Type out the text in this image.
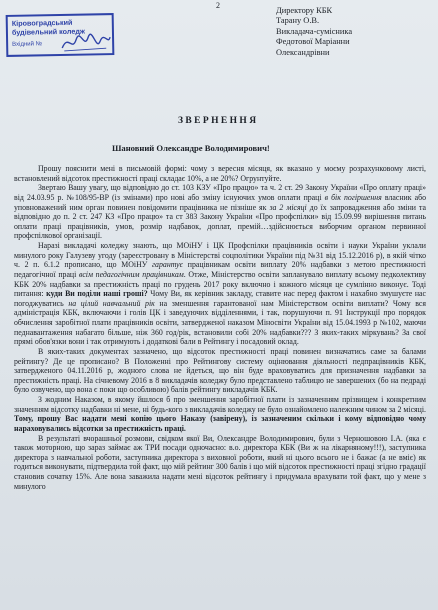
2
Кіровоградський
будівельний коледж
Вхідний №
Директору КБК
Тарану О.В.
Викладача-сумісника
Федотової Маріанни
Олександрівни
ЗВЕРНЕННЯ
Шановний Олександре Володимирович!

Прошу пояснити мені в письмовій формі: чому з вересня місяця, як вказано у моєму розрахунковому листі, встановлений відсоток престижності праці складає 10%, а не 20%? Огрунтуйте.

Звертаю Вашу увагу, що відповідно до ст. 103 КЗУ «Про працю» та ч. 2 ст. 29 Закону України «Про оплату праці» від 24.03.95 р. №108/95-ВР (із змінами) про нові або зміну існуючих умов оплати праці в бік погіршення власник або уповноважений ним орган повинен повідомити працівника не пізніше як за 2 місяці до їх запровадження або зміни та відповідно до п. 2 ст. 247 КЗ «Про працю» та ст 383 Закону України «Про профспілки» від 15.09.99 вирішення питань оплати праці працівників, умов, розмір надбавок, доплат, премій…здійснюється виборчим органом первинної профспілкової організації.

Наразі викладачі коледжу знають, що МОіНУ і ЦК Профспілки працівників освіти і науки України уклали минулого року Галузеву угоду (зареєстровану в Міністерстві соцполітики України під №31 від 15.12.2016 р), в якій чітко ч. 2 п. 6.1.2 прописано, що МОіНУ гарантує працівникам освіти виплату 20% надбавки з метою престижності педагогічної праці всім педагогічним працівникам. Отже, Міністерство освіти запланувало виплату всьому педколективу КБК 20% надбавки за престижність праці по грудень 2017 року включно і кожного місяця це сумлінно виконує. Тоді питання: куди Ви поділи наші гроші? Чому Ви, як керівник закладу, ставите нас перед фактом і нахабно змушуєте нас погоджуватись на цілий навчальний рік на зменшення гарантованої нам Міністерством освіти виплати? Чому вся адміністрація КБК, включаючи і голів ЦК і заведуючих відділеннями, і так, порушуючи п. 91 Інструкції про порядок обчислення заробітної плати працівників освіти, затвердженої наказом Міносвіти України від 15.04.1993 р №102, маючи педнавантаження набагато більше, ніж 360 год/рік, встановили собі 20% надбавки??? З яких-таких міркувань? За свої прямі обов'язки вони і так отримують і додаткові бали в Рейтингу і посадовий оклад.

В яких-таких документах зазначено, що відсоток престижності праці повинен визначатись саме за балами рейтингу? Де це прописано? В Положенні про Рейтингову систему оцінювання діяльності педпрацівників КБК, затвердженого 04.11.2016 р, жодного слова не йдеться, що він буде враховуватись для призначення надбавки за престижність праці. На січневому 2016 в 8 викладачів коледжу було представлено таблицю не завершених (бо на педраді було озвучено, що вона є поки що особливою) балів рейтингу викладачів КБК.

З жодним Наказом, в якому йшлося б про зменшення заробітної плати із зазначенням прізвищем і конкретним значенням відсотку надбавки ні мене, ні будь-кого з викладачів коледжу не було ознайомлено належним чином за 2 місяці. Тому, прошу Вас надати мені копію цього Наказу (завірену), із зазначеним скільки і кому відповідно чому нараховувались відсотки за престижність праці.

В результаті вчорашньої розмови, свідком якої Ви, Олександре Володимирович, були з Черношовою І.А. (яка є також моторною, що зараз займає аж ТРИ посади одночасно: в.о. директора КБК (Ви ж на лікарняному!!!), заступника директора з навчальної роботи, заступника директора з виховної роботи, який ні цього всього не і бажає (а не вміє) як годиться виконувати, підтвердила той факт, що мій рейтинг 300 балів і що мій відсоток престижності праці згідно градації становив сочатку 15%. Але вона заважила надати мені відсоток рейтингу і придумала врахувати той факт, що у мене з минулого
